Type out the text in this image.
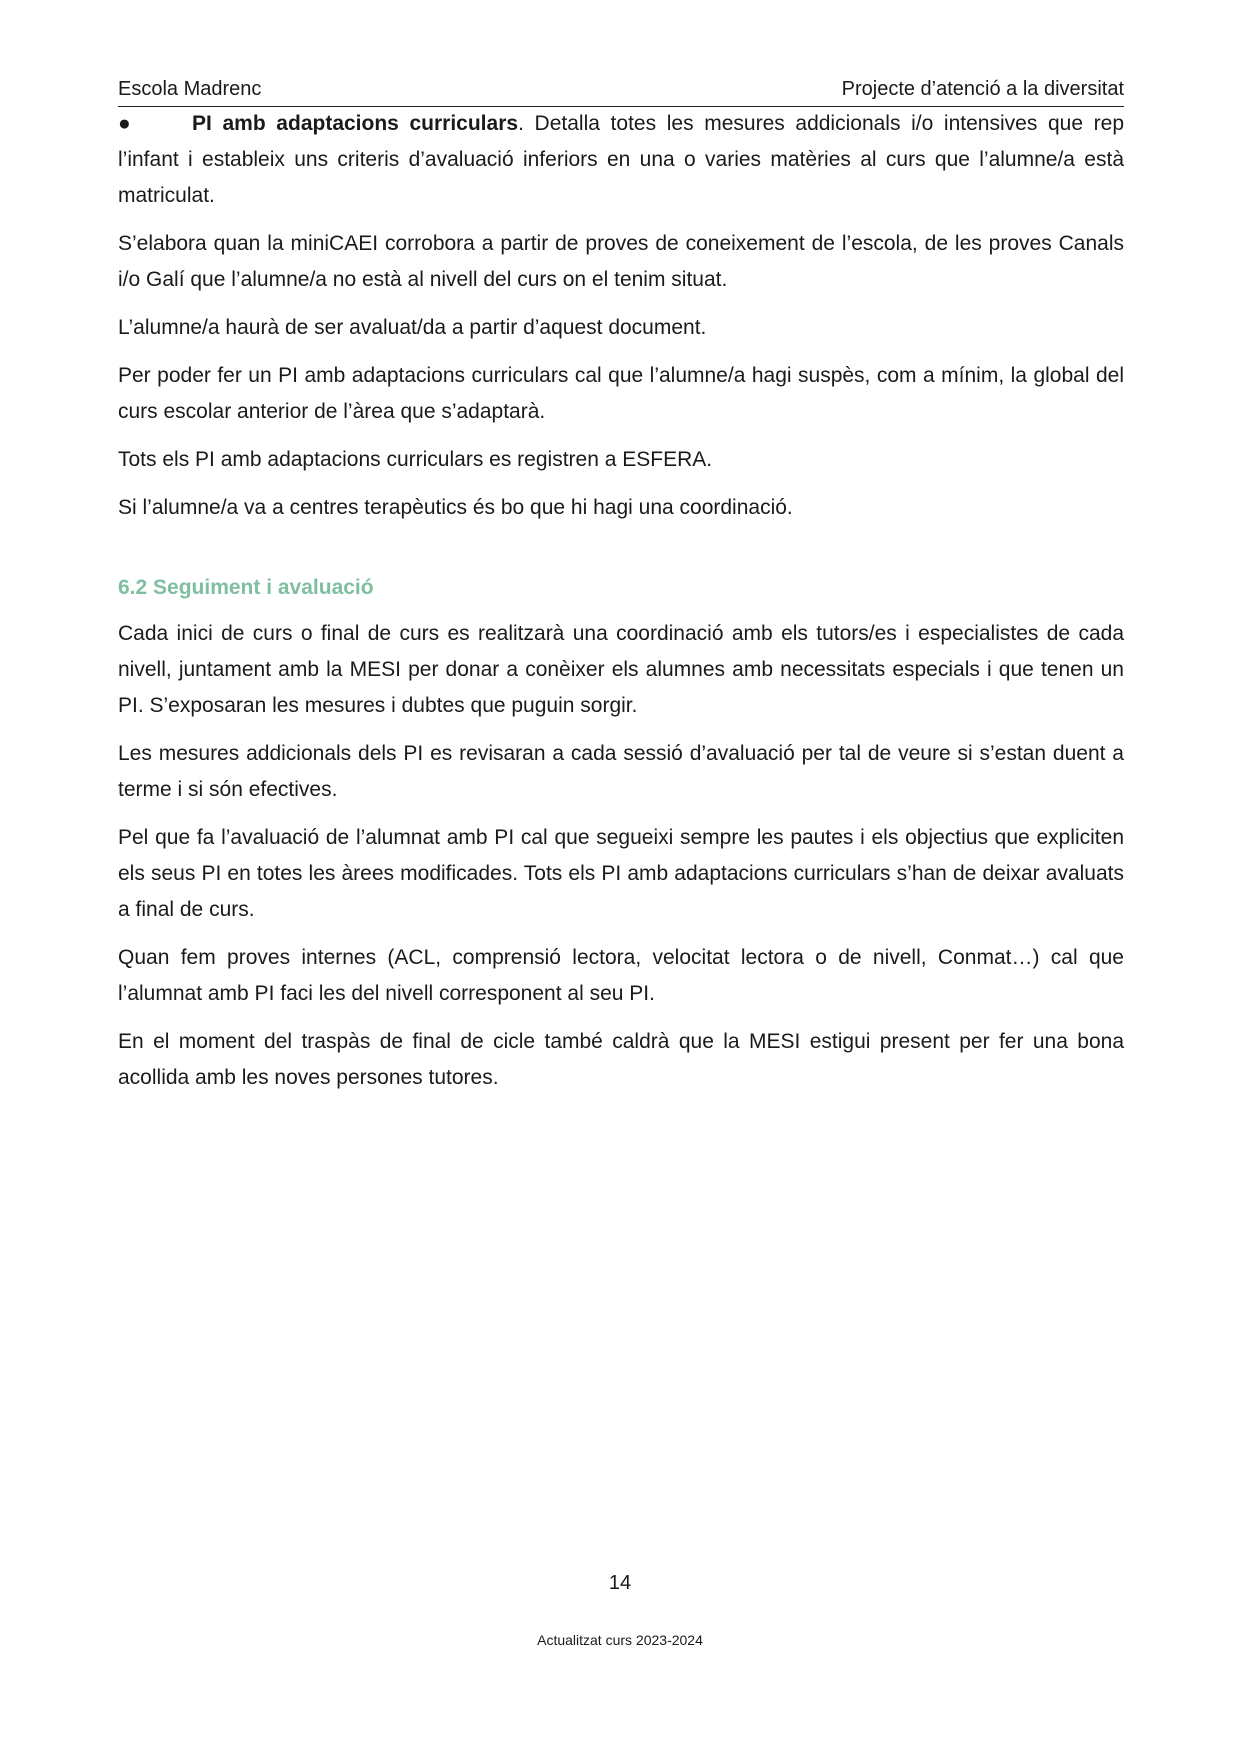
Escola Madrenc	Projecte d’atenció a la diversitat

●	PI amb adaptacions curriculars. Detalla totes les mesures addicionals i/o intensives que rep l’infant i estableix uns criteris d’avaluació inferiors en una o varies matèries al curs que l’alumne/a està matriculat.

S’elabora quan la miniCAEI corrobora a partir de proves de coneixement de l’escola, de les proves Canals i/o Galí que l’alumne/a no està al nivell del curs on el tenim situat.

L’alumne/a haurà de ser avaluat/da a partir d’aquest document.

Per poder fer un PI amb adaptacions curriculars cal que l’alumne/a hagi suspès, com a mínim, la global del curs escolar anterior de l’àrea que s’adaptarà.

Tots els PI amb adaptacions curriculars es registren a ESFERA.

Si l’alumne/a va a centres terapèutics és bo que hi hagi una coordinació.

6.2 Seguiment i avaluació

Cada inici de curs o final de curs es realitzarà una coordinació amb els tutors/es i especialistes de cada nivell, juntament amb la MESI per donar a conèixer els alumnes amb necessitats especials i que tenen un PI. S’exposaran les mesures i dubtes que puguin sorgir.

Les mesures addicionals dels PI es revisaran a cada sessió d’avaluació per tal de veure si s’estan duent a terme i si són efectives.

Pel que fa l’avaluació de l’alumnat amb PI cal que segueixi sempre les pautes i els objectius que expliciten els seus PI en totes les àrees modificades. Tots els PI amb adaptacions curriculars s’han de deixar avaluats a final de curs.

Quan fem proves internes (ACL, comprensió lectora, velocitat lectora o de nivell, Conmat…) cal que l’alumnat amb PI faci les del nivell corresponent al seu PI.

En el moment del traspàs de final de cicle també caldrà que la MESI estigui present per fer una bona acollida amb les noves persones tutores.

14
Actualitzat curs 2023-2024
